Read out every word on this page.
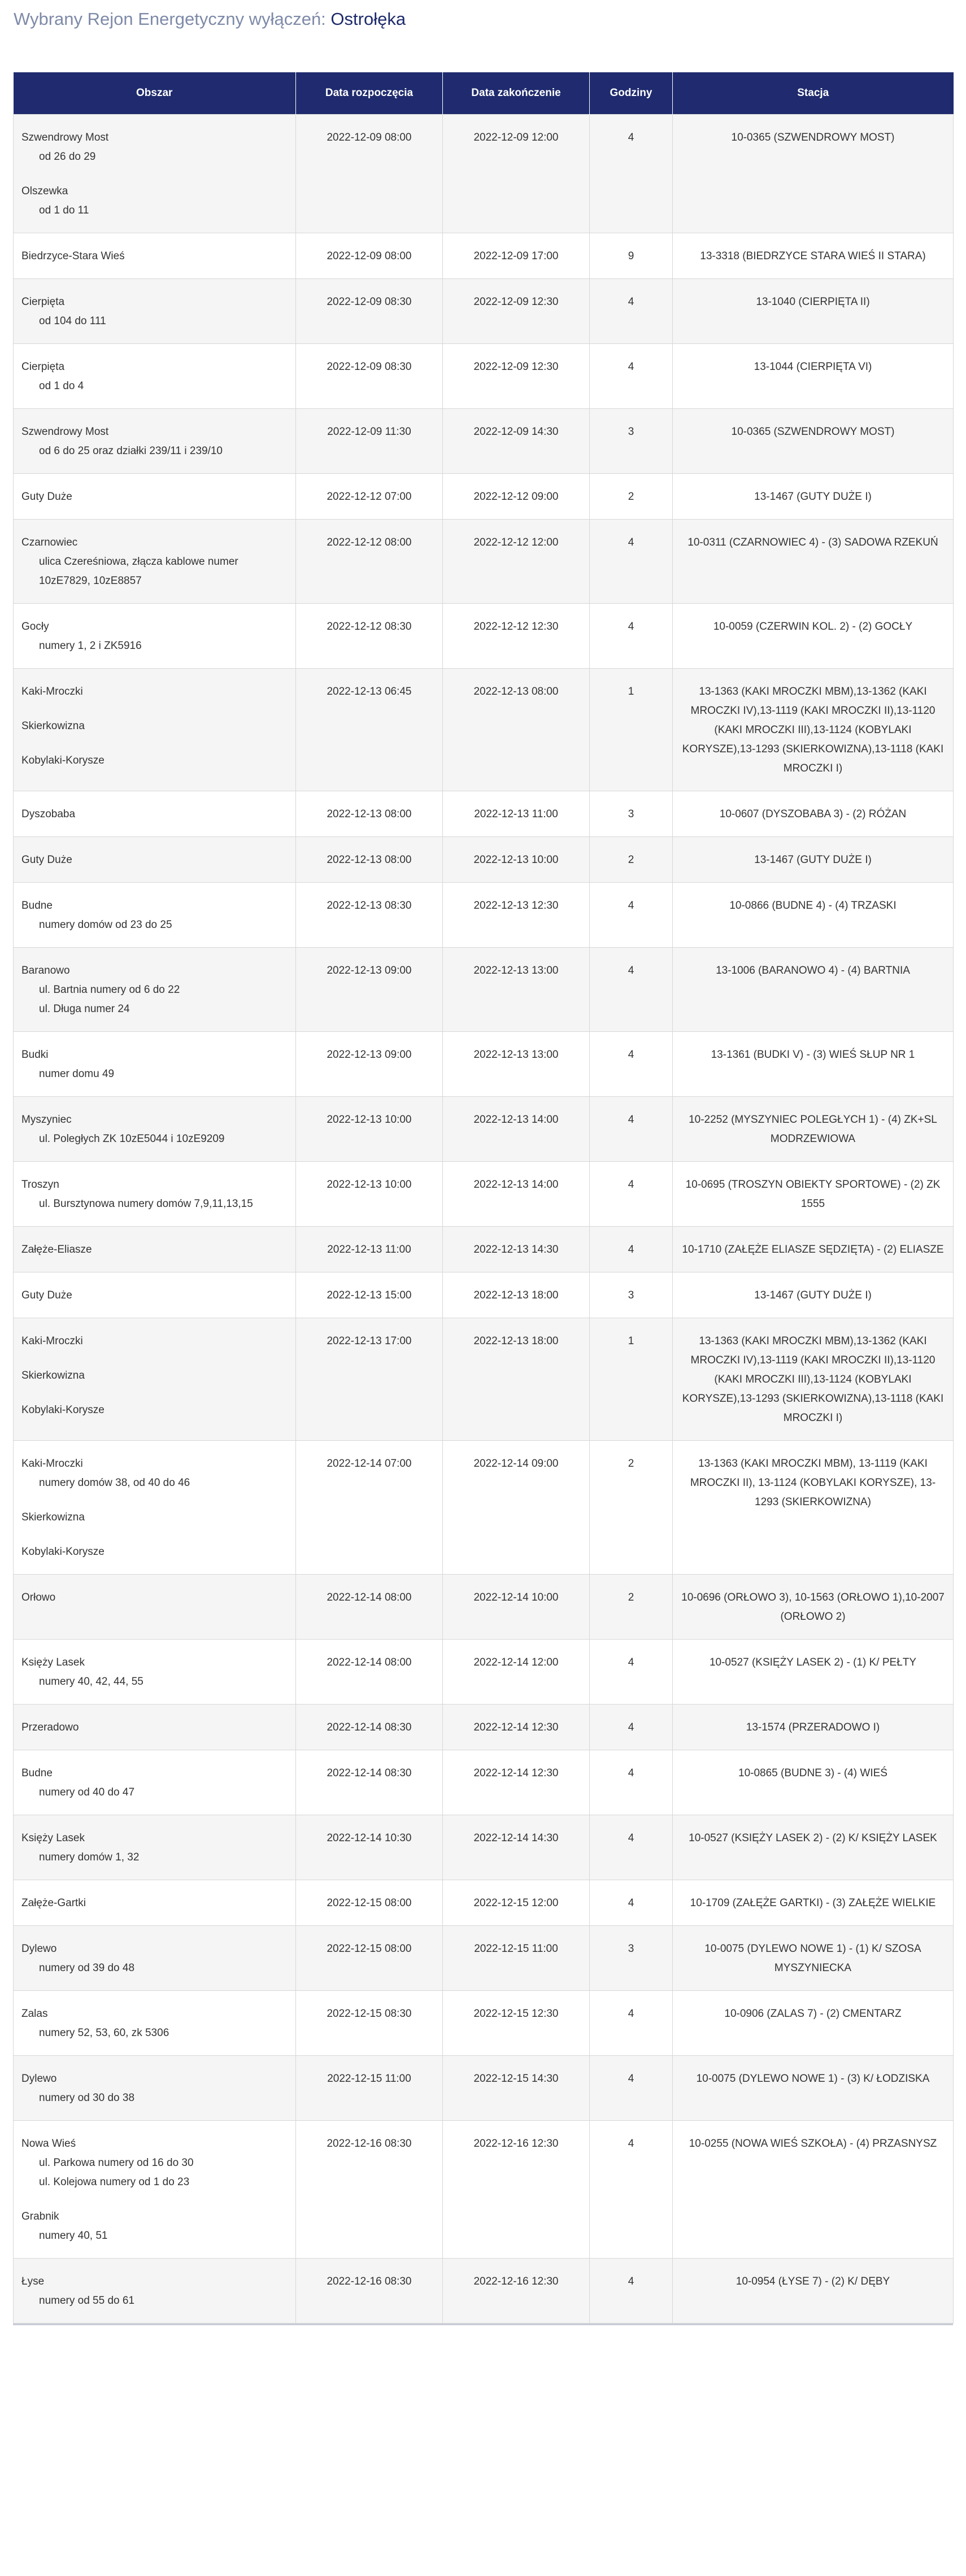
Wybrany Rejon Energetyczny wyłączeń: Ostrołęka
Obszar	Data rozpoczęcia	Data zakończenie	Godziny	Stacja

Szwendrowy Most
od 26 do 29
Olszewka
od 1 do 11	2022-12-09 08:00	2022-12-09 12:00	4	10-0365 (SZWENDROWY MOST)

Biedrzyce-Stara Wieś	2022-12-09 08:00	2022-12-09 17:00	9	13-3318 (BIEDRZYCE STARA WIEŚ II STARA)

Cierpięta
od 104 do 111	2022-12-09 08:30	2022-12-09 12:30	4	13-1040 (CIERPIĘTA II)

Cierpięta
od 1 do 4	2022-12-09 08:30	2022-12-09 12:30	4	13-1044 (CIERPIĘTA VI)

Szwendrowy Most
od 6 do 25 oraz działki 239/11 i 239/10	2022-12-09 11:30	2022-12-09 14:30	3	10-0365 (SZWENDROWY MOST)

Guty Duże	2022-12-12 07:00	2022-12-12 09:00	2	13-1467 (GUTY DUŻE I)

Czarnowiec
ulica Czereśniowa, złącza kablowe numer 10zE7829, 10zE8857	2022-12-12 08:00	2022-12-12 12:00	4	10-0311 (CZARNOWIEC 4) - (3) SADOWA RZEKUŃ

Gocły
numery 1, 2 i ZK5916	2022-12-12 08:30	2022-12-12 12:30	4	10-0059 (CZERWIN KOL. 2) - (2) GOCŁY

Kaki-Mroczki
Skierkowizna
Kobylaki-Korysze	2022-12-13 06:45	2022-12-13 08:00	1	13-1363 (KAKI MROCZKI MBM),13-1362 (KAKI MROCZKI IV),13-1119 (KAKI MROCZKI II),13-1120 (KAKI MROCZKI III),13-1124 (KOBYLAKI KORYSZE),13-1293 (SKIERKOWIZNA),13-1118 (KAKI MROCZKI I)

Dyszobaba	2022-12-13 08:00	2022-12-13 11:00	3	10-0607 (DYSZOBABA 3) - (2) RÓŻAN

Guty Duże	2022-12-13 08:00	2022-12-13 10:00	2	13-1467 (GUTY DUŻE I)

Budne
numery domów od 23 do 25	2022-12-13 08:30	2022-12-13 12:30	4	10-0866 (BUDNE 4) - (4) TRZASKI

Baranowo
ul. Bartnia numery od 6 do 22
ul. Długa numer 24	2022-12-13 09:00	2022-12-13 13:00	4	13-1006 (BARANOWO 4) - (4) BARTNIA

Budki
numer domu 49	2022-12-13 09:00	2022-12-13 13:00	4	13-1361 (BUDKI V) - (3) WIEŚ SŁUP NR 1

Myszyniec
ul. Poległych ZK 10zE5044 i 10zE9209	2022-12-13 10:00	2022-12-13 14:00	4	10-2252 (MYSZYNIEC POLEGŁYCH 1) - (4) ZK+SL MODRZEWIOWA

Troszyn
ul. Bursztynowa numery domów 7,9,11,13,15	2022-12-13 10:00	2022-12-13 14:00	4	10-0695 (TROSZYN OBIEKTY SPORTOWE) - (2) ZK 1555

Załęże-Eliasze	2022-12-13 11:00	2022-12-13 14:30	4	10-1710 (ZAŁĘŻE ELIASZE SĘDZIĘTA) - (2) ELIASZE

Guty Duże	2022-12-13 15:00	2022-12-13 18:00	3	13-1467 (GUTY DUŻE I)

Kaki-Mroczki
Skierkowizna
Kobylaki-Korysze	2022-12-13 17:00	2022-12-13 18:00	1	13-1363 (KAKI MROCZKI MBM),13-1362 (KAKI MROCZKI IV),13-1119 (KAKI MROCZKI II),13-1120 (KAKI MROCZKI III),13-1124 (KOBYLAKI KORYSZE),13-1293 (SKIERKOWIZNA),13-1118 (KAKI MROCZKI I)

Kaki-Mroczki
numery domów 38, od 40 do 46
Skierkowizna
Kobylaki-Korysze	2022-12-14 07:00	2022-12-14 09:00	2	13-1363 (KAKI MROCZKI MBM), 13-1119 (KAKI MROCZKI II), 13-1124 (KOBYLAKI KORYSZE), 13-1293 (SKIERKOWIZNA)

Orłowo	2022-12-14 08:00	2022-12-14 10:00	2	10-0696 (ORŁOWO 3), 10-1563 (ORŁOWO 1),10-2007 (ORŁOWO 2)

Księży Lasek
numery 40, 42, 44, 55	2022-12-14 08:00	2022-12-14 12:00	4	10-0527 (KSIĘŻY LASEK 2) - (1) K/ PEŁTY

Przeradowo	2022-12-14 08:30	2022-12-14 12:30	4	13-1574 (PRZERADOWO I)

Budne
numery od 40 do 47	2022-12-14 08:30	2022-12-14 12:30	4	10-0865 (BUDNE 3) - (4) WIEŚ

Księży Lasek
numery domów 1, 32	2022-12-14 10:30	2022-12-14 14:30	4	10-0527 (KSIĘŻY LASEK 2) - (2) K/ KSIĘŻY LASEK

Załęże-Gartki	2022-12-15 08:00	2022-12-15 12:00	4	10-1709 (ZAŁĘŻE GARTKI) - (3) ZAŁĘŻE WIELKIE

Dylewo
numery od 39 do 48	2022-12-15 08:00	2022-12-15 11:00	3	10-0075 (DYLEWO NOWE 1) - (1) K/ SZOSA MYSZYNIECKA

Zalas
numery 52, 53, 60, zk 5306	2022-12-15 08:30	2022-12-15 12:30	4	10-0906 (ZALAS 7) - (2) CMENTARZ

Dylewo
numery od 30 do 38	2022-12-15 11:00	2022-12-15 14:30	4	10-0075 (DYLEWO NOWE 1) - (3) K/ ŁODZISKA

Nowa Wieś
ul. Parkowa numery od 16 do 30
ul. Kolejowa numery od 1 do 23
Grabnik
numery 40, 51	2022-12-16 08:30	2022-12-16 12:30	4	10-0255 (NOWA WIEŚ SZKOŁA) - (4) PRZASNYSZ

Łyse
numery od 55 do 61	2022-12-16 08:30	2022-12-16 12:30	4	10-0954 (ŁYSE 7) - (2) K/ DĘBY
